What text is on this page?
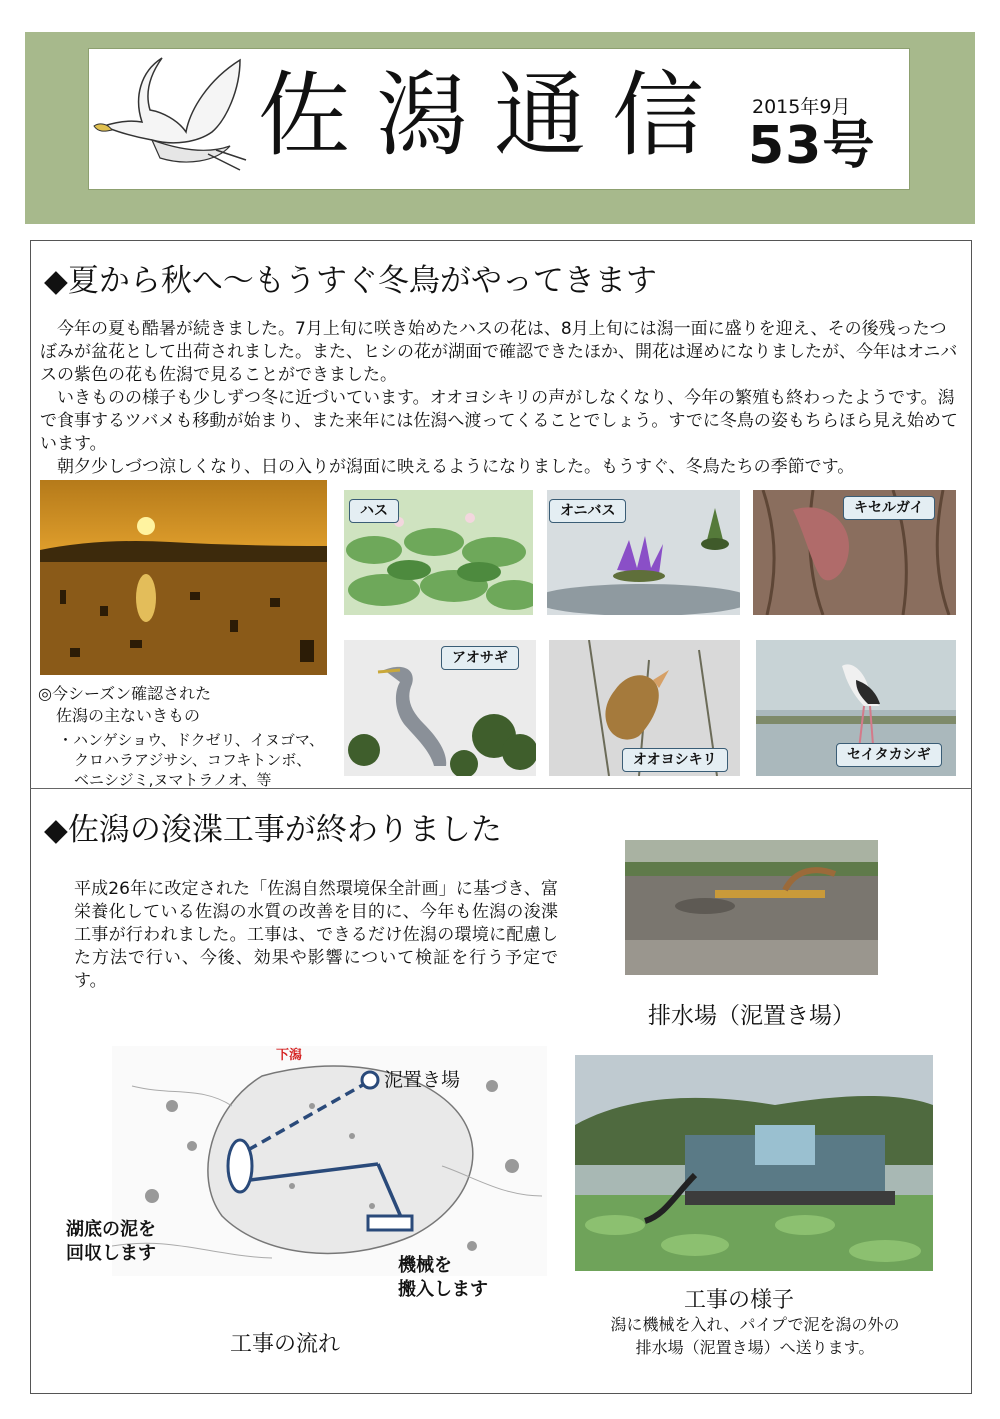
佐潟通信 2015年9月
53号
◆夏から秋へ～もうすぐ冬鳥がやってきます
今年の夏も酷暑が続きました。7月上旬に咲き始めたハスの花は、8月上旬には潟一面に盛りを迎え、その後残ったつぼみが盆花として出荷されました。また、ヒシの花が湖面で確認できたほか、開花は遅めになりましたが、今年はオニバスの紫色の花も佐潟で見ることができました。
いきものの様子も少しずつ冬に近づいています。オオヨシキリの声がしなくなり、今年の繁殖も終わったようです。潟で食事するツバメも移動が始まり、また来年には佐潟へ渡ってくることでしょう。すでに冬鳥の姿もちらほら見え始めています。
朝夕少しづつ涼しくなり、日の入りが潟面に映えるようになりました。もうすぐ、冬鳥たちの季節です。
◎今シーズン確認された
佐潟の主ないきもの
・ハンゲショウ、ドクゼリ、イヌゴマ、
クロハラアジサシ、コフキトンボ、
ベニシジミ,ヌマトラノオ、等
ハス	オニバス	キセルガイ
アオサギ
オオヨシキリ	セイタカシギ
◆佐潟の浚渫工事が終わりました
平成26年に改定された「佐潟自然環境保全計画」に基づき、富栄養化している佐潟の水質の改善を目的に、今年も佐潟の浚渫工事が行われました。工事は、できるだけ佐潟の環境に配慮した方法で行い、今後、効果や影響について検証を行う予定です。
排水場（泥置き場）
下潟
泥置き場
湖底の泥を
回収します
機械を
搬入します
工事の流れ
工事の様子
潟に機械を入れ、パイプで泥を潟の外の
排水場（泥置き場）へ送ります。
